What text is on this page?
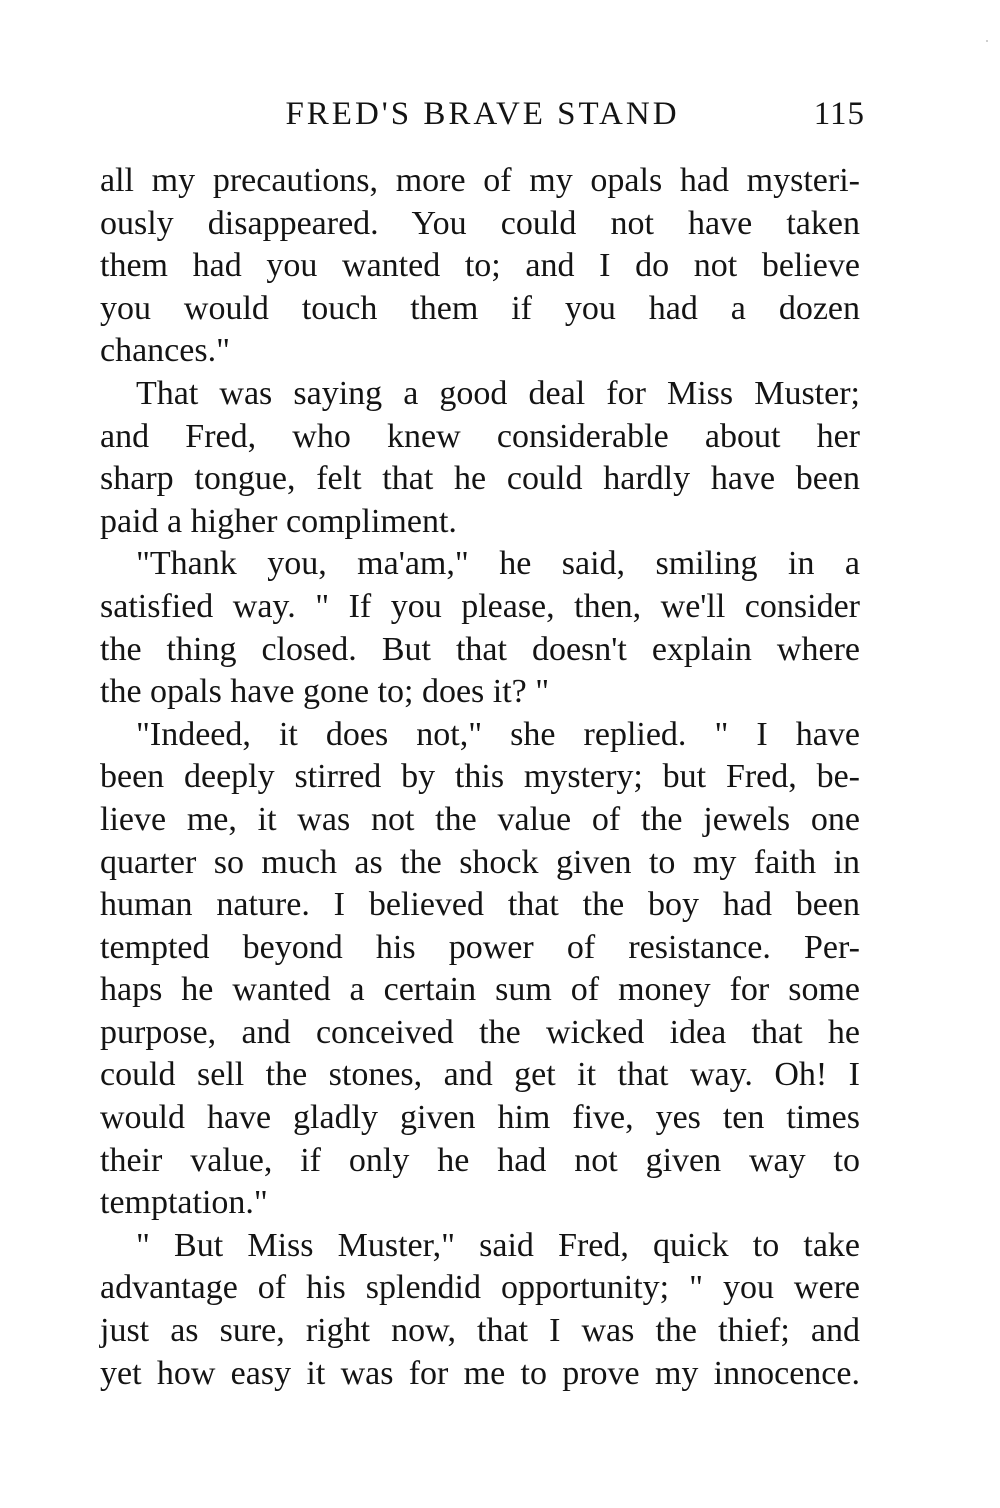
FRED'S BRAVE STAND	115
all my precautions, more of my opals had mysteri-
ously disappeared. You could not have taken
them had you wanted to; and I do not believe
you would touch them if you had a dozen
chances."
That was saying a good deal for Miss Muster;
and Fred, who knew considerable about her
sharp tongue, felt that he could hardly have been
paid a higher compliment.
"Thank you, ma'am," he said, smiling in a
satisfied way. " If you please, then, we'll consider
the thing closed. But that doesn't explain where
the opals have gone to; does it? "
"Indeed, it does not," she replied. " I have
been deeply stirred by this mystery; but Fred, be-
lieve me, it was not the value of the jewels one
quarter so much as the shock given to my faith in
human nature. I believed that the boy had been
tempted beyond his power of resistance. Per-
haps he wanted a certain sum of money for some
purpose, and conceived the wicked idea that he
could sell the stones, and get it that way. Oh! I
would have gladly given him five, yes ten times
their value, if only he had not given way to
temptation."
" But Miss Muster," said Fred, quick to take
advantage of his splendid opportunity; " you were
just as sure, right now, that I was the thief; and
yet how easy it was for me to prove my innocence.
